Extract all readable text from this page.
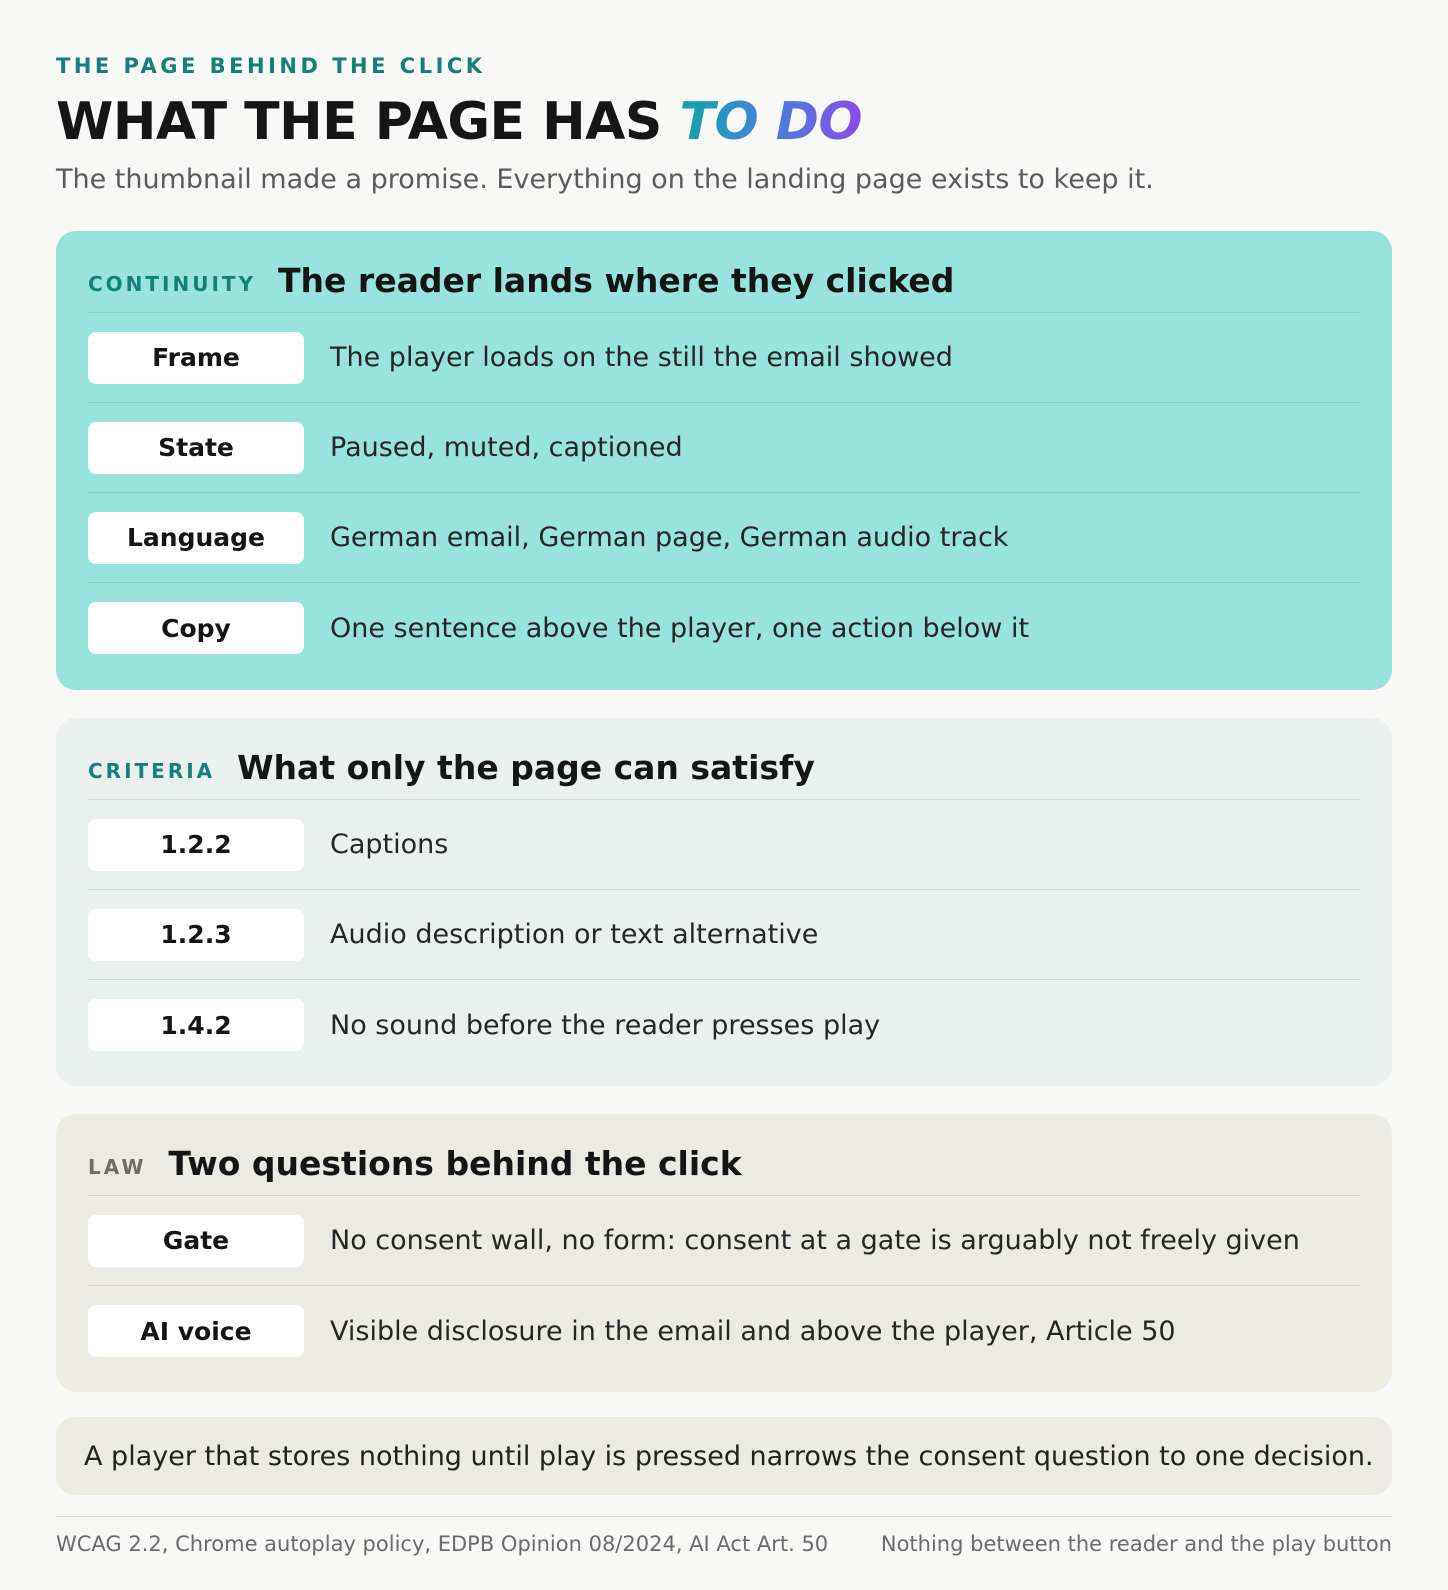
THE PAGE BEHIND THE CLICK
WHAT THE PAGE HAS TO DO
The thumbnail made a promise. Everything on the landing page exists to keep it.
CONTINUITY The reader lands where they clicked
Frame	The player loads on the still the email showed
State	Paused, muted, captioned
Language	German email, German page, German audio track
Copy	One sentence above the player, one action below it
CRITERIA What only the page can satisfy
1.2.2	Captions
1.2.3	Audio description or text alternative
1.4.2	No sound before the reader presses play
LAW Two questions behind the click
Gate	No consent wall, no form: consent at a gate is arguably not freely given
AI voice	Visible disclosure in the email and above the player, Article 50
A player that stores nothing until play is pressed narrows the consent question to one decision.
WCAG 2.2, Chrome autoplay policy, EDPB Opinion 08/2024, AI Act Art. 50	Nothing between the reader and the play button
